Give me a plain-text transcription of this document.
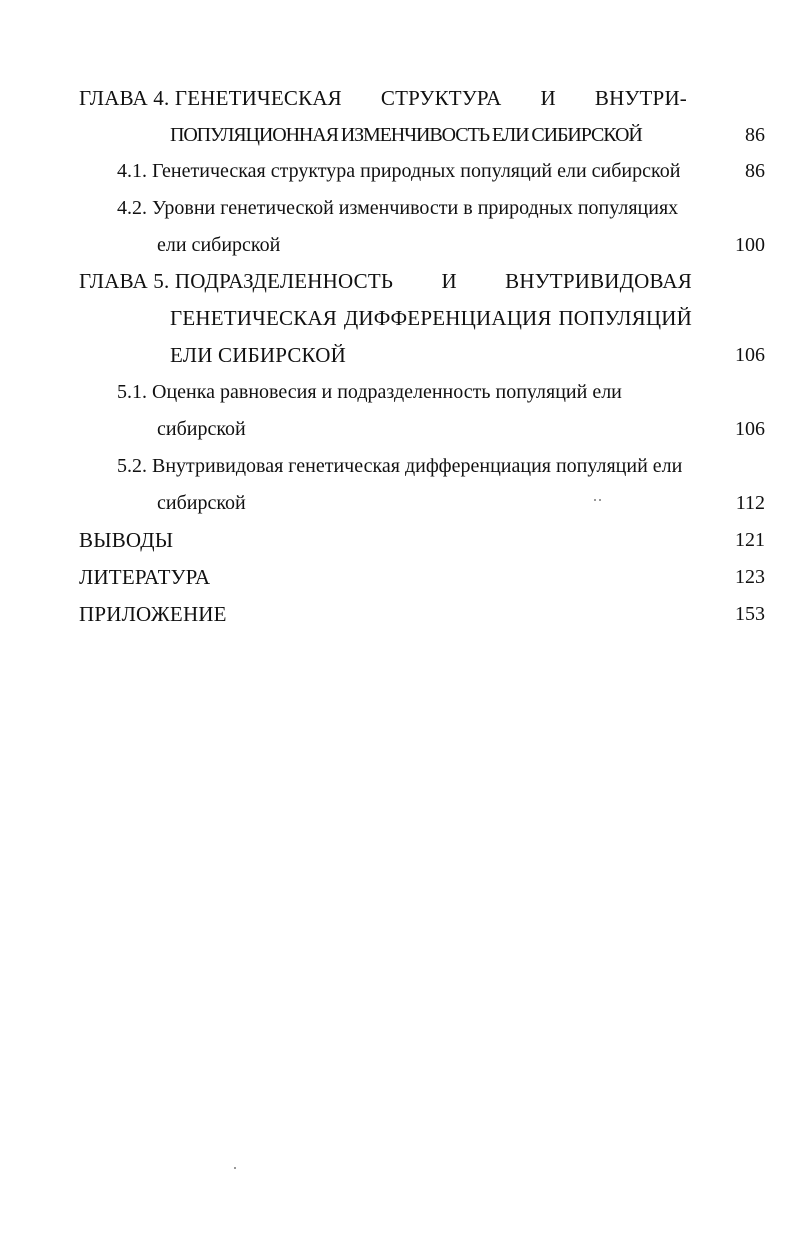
ГЛАВА 4. ГЕНЕТИЧЕСКАЯ СТРУКТУРА И ВНУТРИ-
ПОПУЛЯЦИОННАЯ ИЗМЕНЧИВОСТЬ ЕЛИ СИБИРСКОЙ	86
4.1. Генетическая структура природных популяций ели сибирской	86
4.2. Уровни генетической изменчивости в природных популяциях
ели сибирской	100
ГЛАВА 5. ПОДРАЗДЕЛЕННОСТЬ И ВНУТРИВИДОВАЯ
ГЕНЕТИЧЕСКАЯ ДИФФЕРЕНЦИАЦИЯ ПОПУЛЯЦИЙ
ЕЛИ СИБИРСКОЙ	106
5.1. Оценка равновесия и подразделенность популяций ели
сибирской	106
5.2. Внутривидовая генетическая дифференциация популяций ели
сибирской	112
ВЫВОДЫ	121
ЛИТЕРАТУРА	123
ПРИЛОЖЕНИЕ	153
